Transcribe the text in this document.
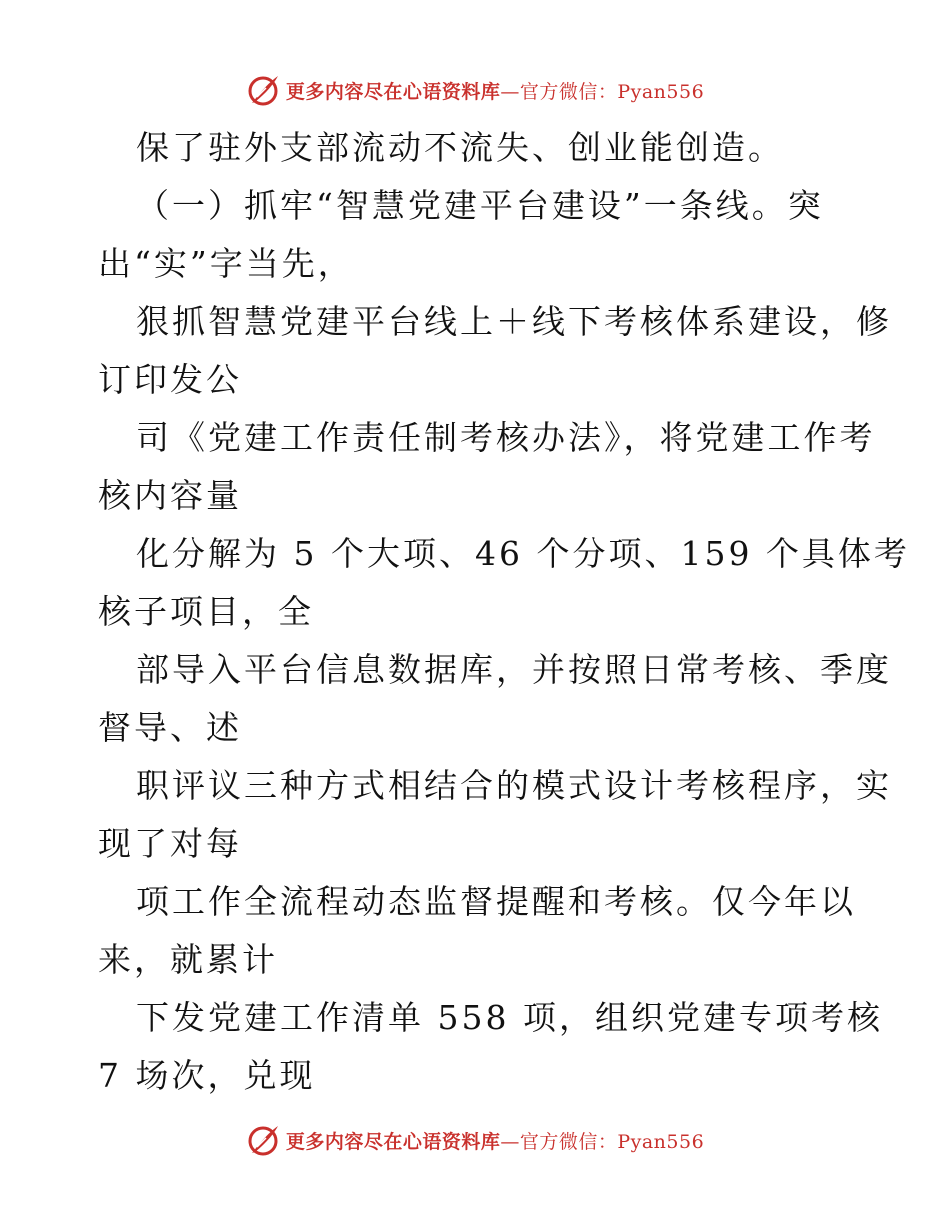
更多内容尽在心语资料库—官方微信：Pyan556
保了驻外支部流动不流失、创业能创造。
（一）抓牢“智慧党建平台建设”一条线。突
出“实”字当先，
狠抓智慧党建平台线上＋线下考核体系建设，修
订印发公
司《党建工作责任制考核办法》，将党建工作考
核内容量
化分解为 5 个大项、46 个分项、159 个具体考
核子项目，全
部导入平台信息数据库，并按照日常考核、季度
督导、述
职评议三种方式相结合的模式设计考核程序，实
现了对每
项工作全流程动态监督提醒和考核。仅今年以
来，就累计
下发党建工作清单 558 项，组织党建专项考核
7 场次，兑现
更多内容尽在心语资料库—官方微信：Pyan556
